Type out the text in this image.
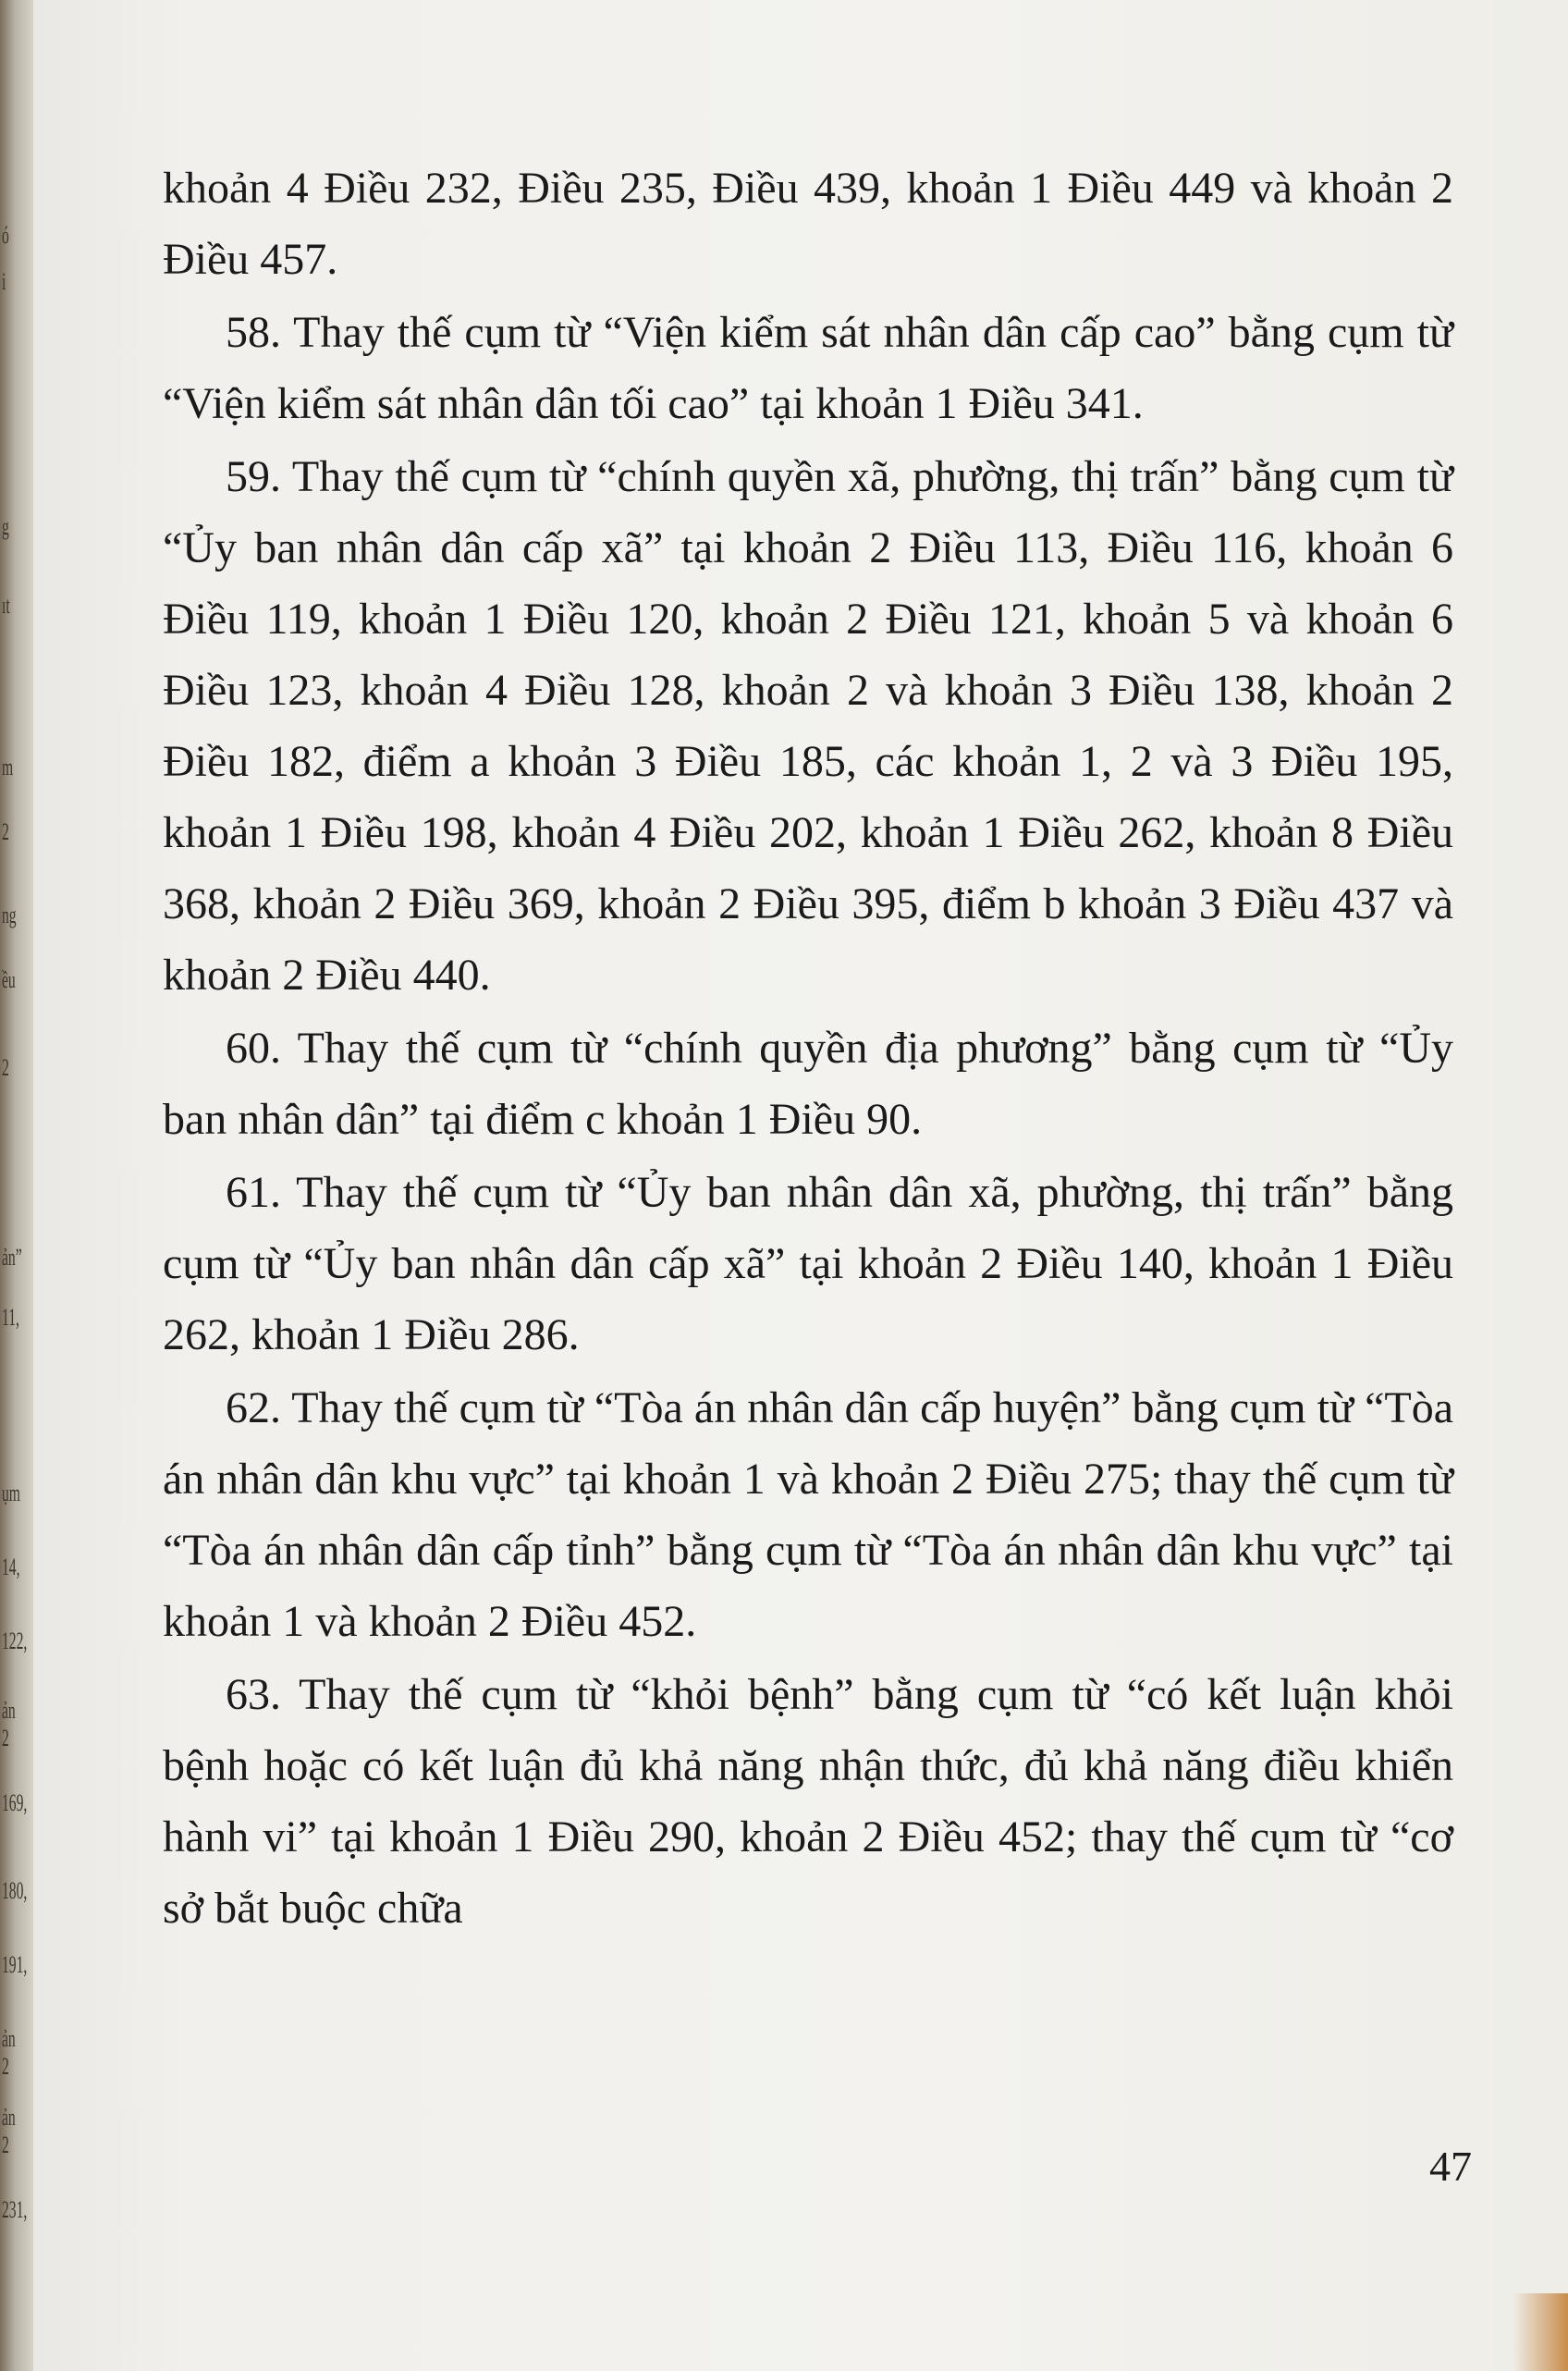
ó
i
g
ıt
m
2
ng
ều
2
ản”
11,
ụm
14,
122,
ản 2
169,
180,
191,
ản 2
ản 2
231,

khoản 4 Điều 232, Điều 235, Điều 439, khoản 1 Điều 449 và khoản 2 Điều 457.

58. Thay thế cụm từ “Viện kiểm sát nhân dân cấp cao” bằng cụm từ “Viện kiểm sát nhân dân tối cao” tại khoản 1 Điều 341.

59. Thay thế cụm từ “chính quyền xã, phường, thị trấn” bằng cụm từ “Ủy ban nhân dân cấp xã” tại khoản 2 Điều 113, Điều 116, khoản 6 Điều 119, khoản 1 Điều 120, khoản 2 Điều 121, khoản 5 và khoản 6 Điều 123, khoản 4 Điều 128, khoản 2 và khoản 3 Điều 138, khoản 2 Điều 182, điểm a khoản 3 Điều 185, các khoản 1, 2 và 3 Điều 195, khoản 1 Điều 198, khoản 4 Điều 202, khoản 1 Điều 262, khoản 8 Điều 368, khoản 2 Điều 369, khoản 2 Điều 395, điểm b khoản 3 Điều 437 và khoản 2 Điều 440.

60. Thay thế cụm từ “chính quyền địa phương” bằng cụm từ “Ủy ban nhân dân” tại điểm c khoản 1 Điều 90.

61. Thay thế cụm từ “Ủy ban nhân dân xã, phường, thị trấn” bằng cụm từ “Ủy ban nhân dân cấp xã” tại khoản 2 Điều 140, khoản 1 Điều 262, khoản 1 Điều 286.

62. Thay thế cụm từ “Tòa án nhân dân cấp huyện” bằng cụm từ “Tòa án nhân dân khu vực” tại khoản 1 và khoản 2 Điều 275; thay thế cụm từ “Tòa án nhân dân cấp tỉnh” bằng cụm từ “Tòa án nhân dân khu vực” tại khoản 1 và khoản 2 Điều 452.

63. Thay thế cụm từ “khỏi bệnh” bằng cụm từ “có kết luận khỏi bệnh hoặc có kết luận đủ khả năng nhận thức, đủ khả năng điều khiển hành vi” tại khoản 1 Điều 290, khoản 2 Điều 452; thay thế cụm từ “cơ sở bắt buộc chữa

47
